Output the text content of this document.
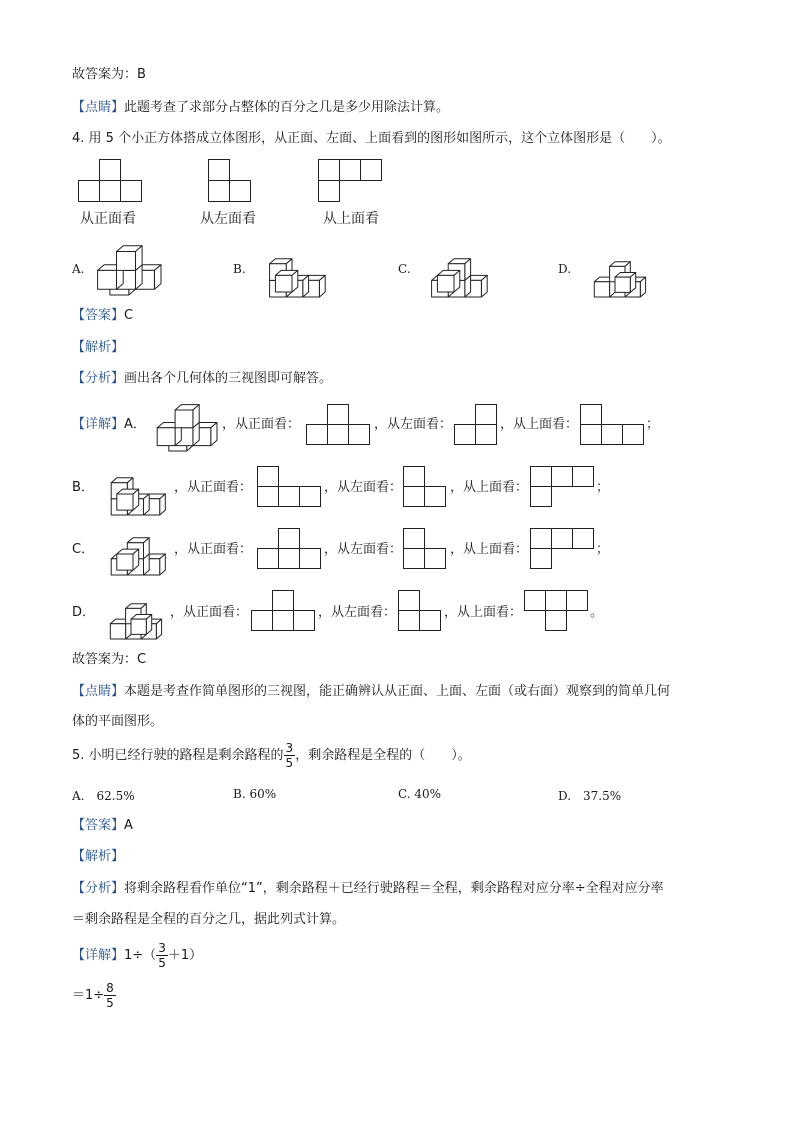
故答案为：B
【点睛】此题考查了求部分占整体的百分之几是多少用除法计算。
4. 用 5 个小正方体搭成立体图形，从正面、左面、上面看到的图形如图所示，这个立体图形是（　　）。
从正面看	从左面看	从上面看
A.	B.	C.	D.
【答案】C
【解析】
【分析】画出各个几何体的三视图即可解答。
【详解】A．	，从正面看：	，从左面看：	，从上面看：	；
B．	，从正面看：	，从左面看：	，从上面看：	；
C．	，从正面看：	，从左面看：	，从上面看：	；
D．	，从正面看：	，从左面看：	，从上面看：	。
故答案为：C
【点睛】本题是考查作简单图形的三视图，能正确辨认从正面、上面、左面（或右面）观察到的简单几何
体的平面图形。
5. 小明已经行驶的路程是剩余路程的 $\frac{3}{5}$ ，剩余路程是全程的（　　）。
A.　62.5%	B. 60%	C. 40%	D.　37.5%
【答案】A
【解析】
【分析】将剩余路程看作单位“1”，剩余路程＋已经行驶路程＝全程，剩余路程对应分率÷全程对应分率
＝剩余路程是全程的百分之几，据此列式计算。
【详解】$1\div( \frac{3}{5} +1)$
$=1\div \frac{8}{5}$
